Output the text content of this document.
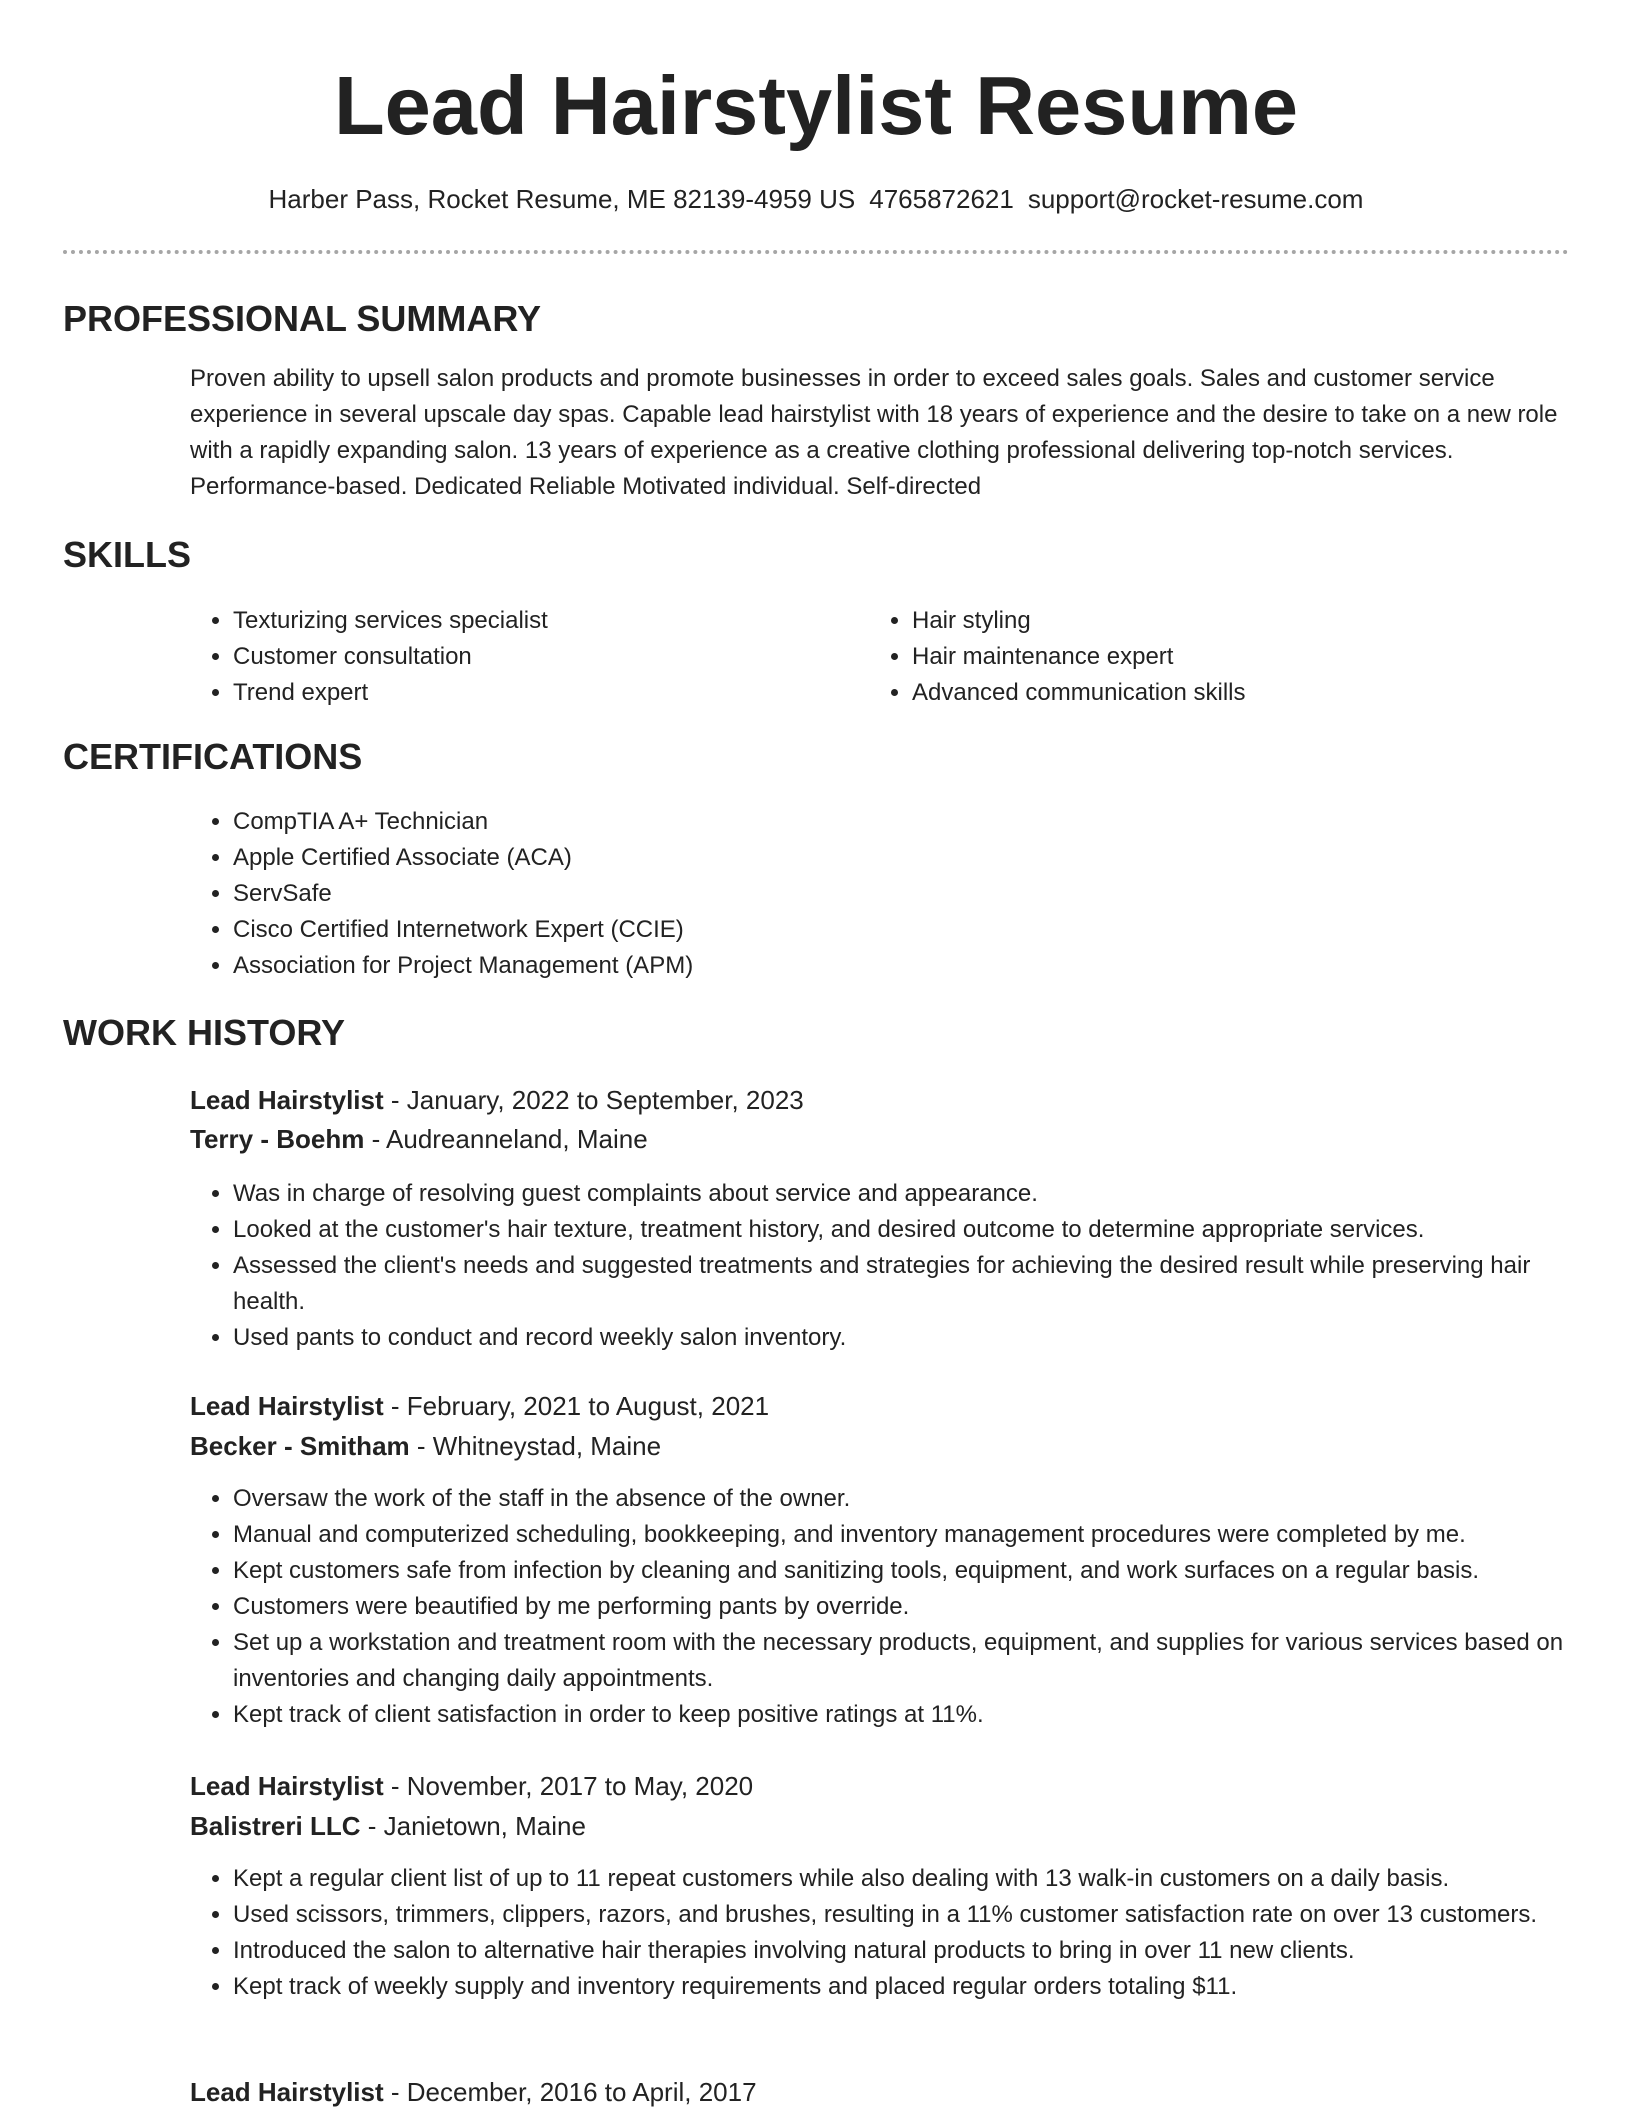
Lead Hairstylist Resume
Harber Pass, Rocket Resume, ME 82139-4959 US 4765872621 support@rocket-resume.com
PROFESSIONAL SUMMARY

Proven ability to upsell salon products and promote businesses in order to exceed sales goals. Sales and customer service experience in several upscale day spas. Capable lead hairstylist with 18 years of experience and the desire to take on a new role with a rapidly expanding salon. 13 years of experience as a creative clothing professional delivering top-notch services. Performance-based. Dedicated Reliable Motivated individual. Self-directed

SKILLS
• Texturizing services specialist
• Customer consultation
• Trend expert
• Hair styling
• Hair maintenance expert
• Advanced communication skills
CERTIFICATIONS
• CompTIA A+ Technician
• Apple Certified Associate (ACA)
• ServSafe
• Cisco Certified Internetwork Expert (CCIE)
• Association for Project Management (APM)
WORK HISTORY
Lead Hairstylist - January, 2022 to September, 2023
Terry - Boehm - Audreanneland, Maine
• Was in charge of resolving guest complaints about service and appearance.
• Looked at the customer's hair texture, treatment history, and desired outcome to determine appropriate services.
• Assessed the client's needs and suggested treatments and strategies for achieving the desired result while preserving hair health.
• Used pants to conduct and record weekly salon inventory.
Lead Hairstylist - February, 2021 to August, 2021
Becker - Smitham - Whitneystad, Maine
• Oversaw the work of the staff in the absence of the owner.
• Manual and computerized scheduling, bookkeeping, and inventory management procedures were completed by me.
• Kept customers safe from infection by cleaning and sanitizing tools, equipment, and work surfaces on a regular basis.
• Customers were beautified by me performing pants by override.
• Set up a workstation and treatment room with the necessary products, equipment, and supplies for various services based on inventories and changing daily appointments.
• Kept track of client satisfaction in order to keep positive ratings at 11%.
Lead Hairstylist - November, 2017 to May, 2020
Balistreri LLC - Janietown, Maine
• Kept a regular client list of up to 11 repeat customers while also dealing with 13 walk-in customers on a daily basis.
• Used scissors, trimmers, clippers, razors, and brushes, resulting in a 11% customer satisfaction rate on over 13 customers.
• Introduced the salon to alternative hair therapies involving natural products to bring in over 11 new clients.
• Kept track of weekly supply and inventory requirements and placed regular orders totaling $11.
Lead Hairstylist - December, 2016 to April, 2017
